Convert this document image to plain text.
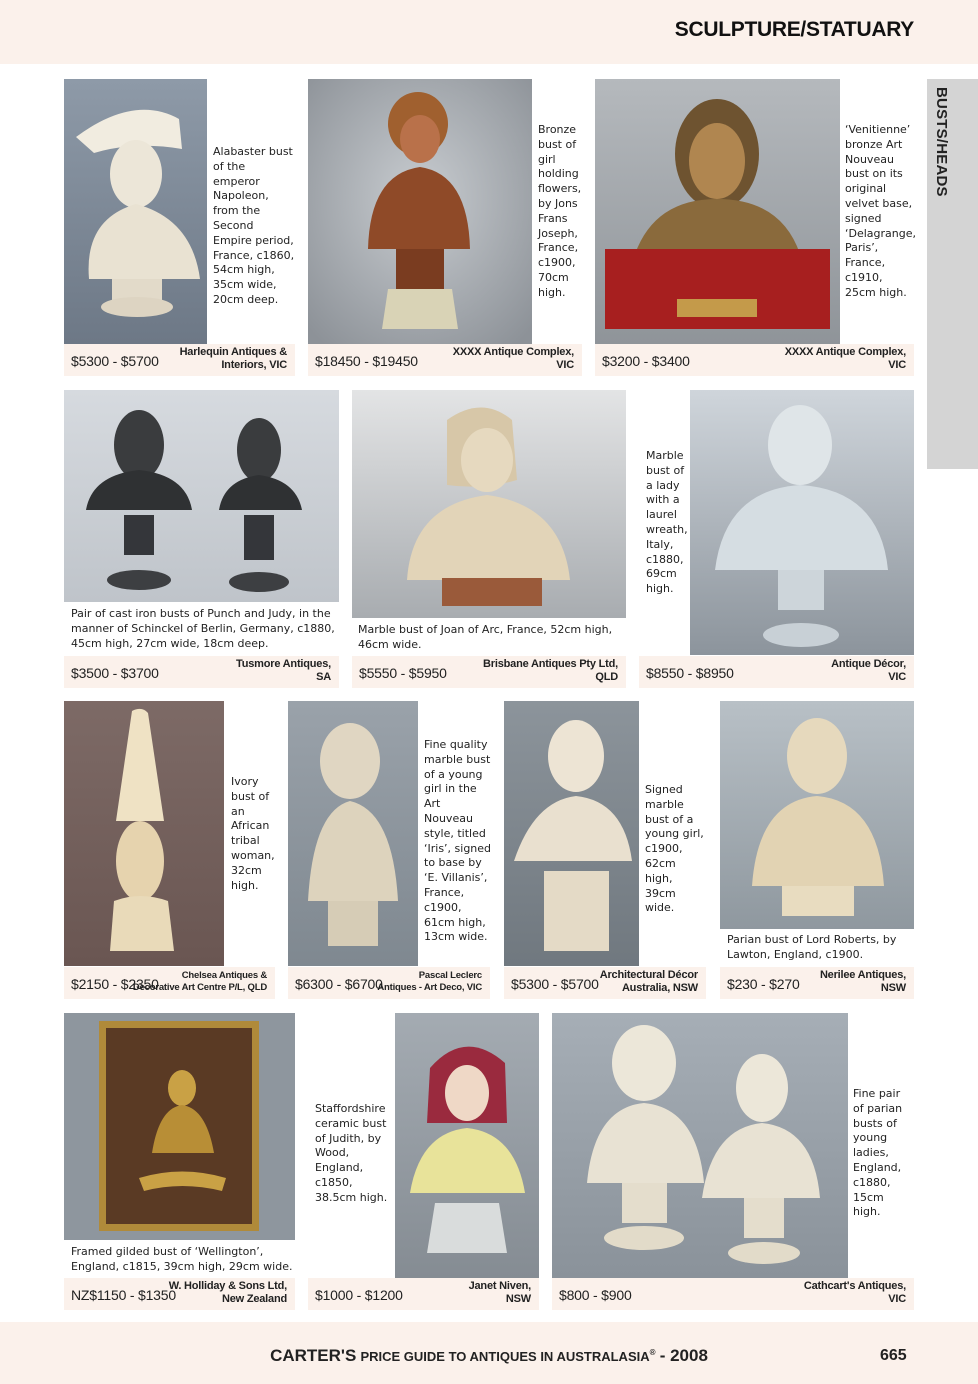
SCULPTURE/STATUARY
BUSTS/HEADS
Alabaster bust of the emperor Napoleon, from the Second Empire period, France, c1860, 54cm high, 35cm wide, 20cm deep.
$5300 - $5700
Harlequin Antiques &
Interiors, VIC
Bronze bust of girl holding flowers, by Jons Frans Joseph, France, c1900, 70cm high.
$18450 - $19450
XXXX Antique Complex,
VIC
‘Venitienne’ bronze Art Nouveau bust on its original velvet base, signed ‘Delagrange, Paris’, France, c1910, 25cm high.
$3200 - $3400
XXXX Antique Complex,
VIC
Pair of cast iron busts of Punch and Judy, in the manner of Schinckel of Berlin, Germany, c1880, 45cm high, 27cm wide, 18cm deep.
$3500 - $3700
Tusmore Antiques,
SA
Marble bust of Joan of Arc, France, 52cm high, 46cm wide.
$5550 - $5950
Brisbane Antiques Pty Ltd,
QLD
Marble bust of a lady with a laurel wreath, Italy, c1880, 69cm high.
$8550 - $8950
Antique Décor,
VIC
Ivory bust of an African tribal woman, 32cm high.
$2150 - $2350
Chelsea Antiques &
Decorative Art Centre P/L, QLD
Fine quality marble bust of a young girl in the Art Nouveau style, titled ‘Iris’, signed to base by ‘E. Villanis’, France, c1900, 61cm high, 13cm wide.
$6300 - $6700
Pascal Leclerc
Antiques - Art Deco, VIC
Signed marble bust of a young girl, c1900, 62cm high, 39cm wide.
$5300 - $5700
Architectural Décor
Australia, NSW
Parian bust of Lord Roberts, by Lawton, England, c1900.
$230 - $270
Nerilee Antiques,
NSW
Framed gilded bust of ‘Wellington’, England, c1815, 39cm high, 29cm wide.
NZ$1150 - $1350
W. Holliday & Sons Ltd,
New Zealand
Staffordshire ceramic bust of Judith, by Wood, England, c1850, 38.5cm high.
$1000 - $1200
Janet Niven,
NSW
Fine pair of parian busts of young ladies, England, c1880, 15cm high.
$800 - $900
Cathcart's Antiques,
VIC
CARTER'S PRICE GUIDE TO ANTIQUES IN AUSTRALASIA® - 2008	665
